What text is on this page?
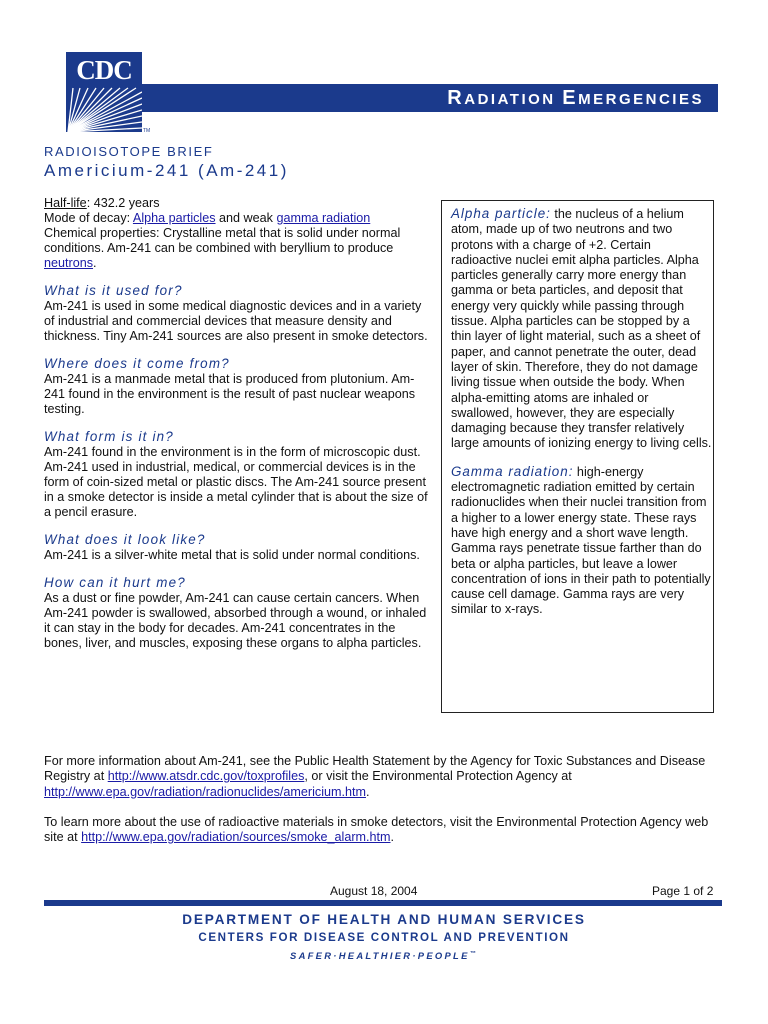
CDC
TM
RADIATION EMERGENCIES
RADIOISOTOPE BRIEF
Americium-241 (Am-241)

Half-life: 432.2 years

Mode of decay: Alpha particles and weak gamma radiation

Chemical properties: Crystalline metal that is solid under normal conditions. Am-241 can be combined with beryllium to produce neutrons.

What is it used for?

Am-241 is used in some medical diagnostic devices and in a variety of industrial and commercial devices that measure density and thickness. Tiny Am-241 sources are also present in smoke detectors.

Where does it come from?

Am-241 is a manmade metal that is produced from plutonium. Am-241 found in the environment is the result of past nuclear weapons testing.

What form is it in?

Am-241 found in the environment is in the form of microscopic dust. Am-241 used in industrial, medical, or commercial devices is in the form of coin-sized metal or plastic discs. The Am-241 source present in a smoke detector is inside a metal cylinder that is about the size of a pencil erasure.

What does it look like?

Am-241 is a silver-white metal that is solid under normal conditions.

How can it hurt me?

As a dust or fine powder, Am-241 can cause certain cancers. When Am-241 powder is swallowed, absorbed through a wound, or inhaled it can stay in the body for decades. Am-241 concentrates in the bones, liver, and muscles, exposing these organs to alpha particles.

Alpha particle: the nucleus of a helium atom, made up of two neutrons and two protons with a charge of +2. Certain radioactive nuclei emit alpha particles. Alpha particles generally carry more energy than gamma or beta particles, and deposit that energy very quickly while passing through tissue. Alpha particles can be stopped by a thin layer of light material, such as a sheet of paper, and cannot penetrate the outer, dead layer of skin. Therefore, they do not damage living tissue when outside the body. When alpha-emitting atoms are inhaled or swallowed, however, they are especially damaging because they transfer relatively large amounts of ionizing energy to living cells.

Gamma radiation: high-energy electromagnetic radiation emitted by certain radionuclides when their nuclei transition from a higher to a lower energy state. These rays have high energy and a short wave length. Gamma rays penetrate tissue farther than do beta or alpha particles, but leave a lower concentration of ions in their path to potentially cause cell damage. Gamma rays are very similar to x-rays.

For more information about Am-241, see the Public Health Statement by the Agency for Toxic Substances and Disease Registry at http://www.atsdr.cdc.gov/toxprofiles, or visit the Environmental Protection Agency at http://www.epa.gov/radiation/radionuclides/americium.htm.

To learn more about the use of radioactive materials in smoke detectors, visit the Environmental Protection Agency web site at http://www.epa.gov/radiation/sources/smoke_alarm.htm.

August 18, 2004	Page 1 of 2
DEPARTMENT OF HEALTH AND HUMAN SERVICES
CENTERS FOR DISEASE CONTROL AND PREVENTION
SAFER·HEALTHIER·PEOPLE™
